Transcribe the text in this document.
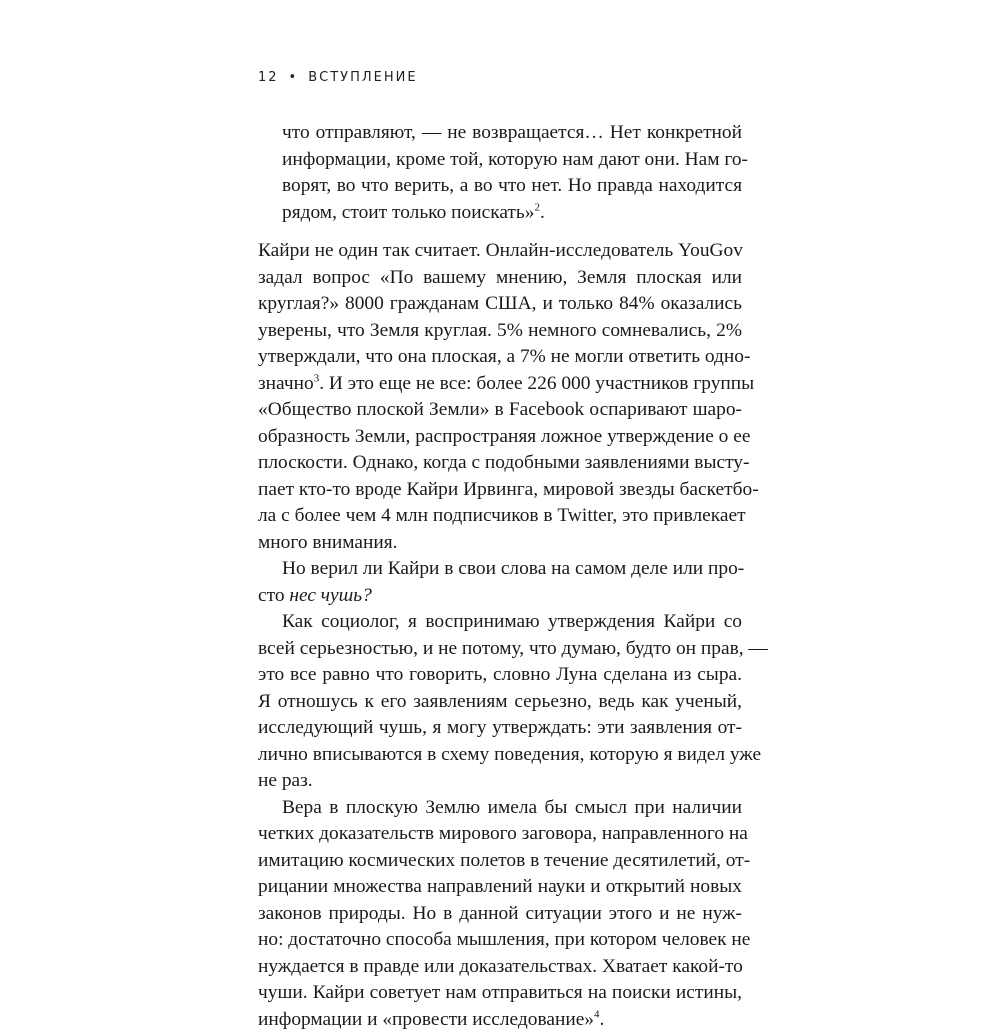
12 • ВСТУПЛЕНИЕ
что отправляют, — не возвращается… Нет конкретной
информации, кроме той, которую нам дают они. Нам го-
ворят, во что верить, а во что нет. Но правда находится
рядом, стоит только поискать»$^2$.
Кайри не один так считает. Онлайн-исследователь YouGov
задал вопрос «По вашему мнению, Земля плоская или
круглая?» 8000 гражданам США, и только 84% оказались
уверены, что Земля круглая. 5% немного сомневались, 2%
утверждали, что она плоская, а 7% не могли ответить одно-
значно$^3$. И это еще не все: более 226 000 участников группы
«Общество плоской Земли» в Facebook оспаривают шаро-
образность Земли, распространяя ложное утверждение о ее
плоскости. Однако, когда с подобными заявлениями высту-
пает кто-то вроде Кайри Ирвинга, мировой звезды баскетбо-
ла с более чем 4 млн подписчиков в Twitter, это привлекает
много внимания.
Но верил ли Кайри в свои слова на самом деле или про-
сто нес чушь?
Как социолог, я воспринимаю утверждения Кайри со
всей серьезностью, и не потому, что думаю, будто он прав, —
это все равно что говорить, словно Луна сделана из сыра.
Я отношусь к его заявлениям серьезно, ведь как ученый,
исследующий чушь, я могу утверждать: эти заявления от-
лично вписываются в схему поведения, которую я видел уже
не раз.
Вера в плоскую Землю имела бы смысл при наличии
четких доказательств мирового заговора, направленного на
имитацию космических полетов в течение десятилетий, от-
рицании множества направлений науки и открытий новых
законов природы. Но в данной ситуации этого и не нуж-
но: достаточно способа мышления, при котором человек не
нуждается в правде или доказательствах. Хватает какой-то
чуши. Кайри советует нам отправиться на поиски истины,
информации и «провести исследование»$^4$.
